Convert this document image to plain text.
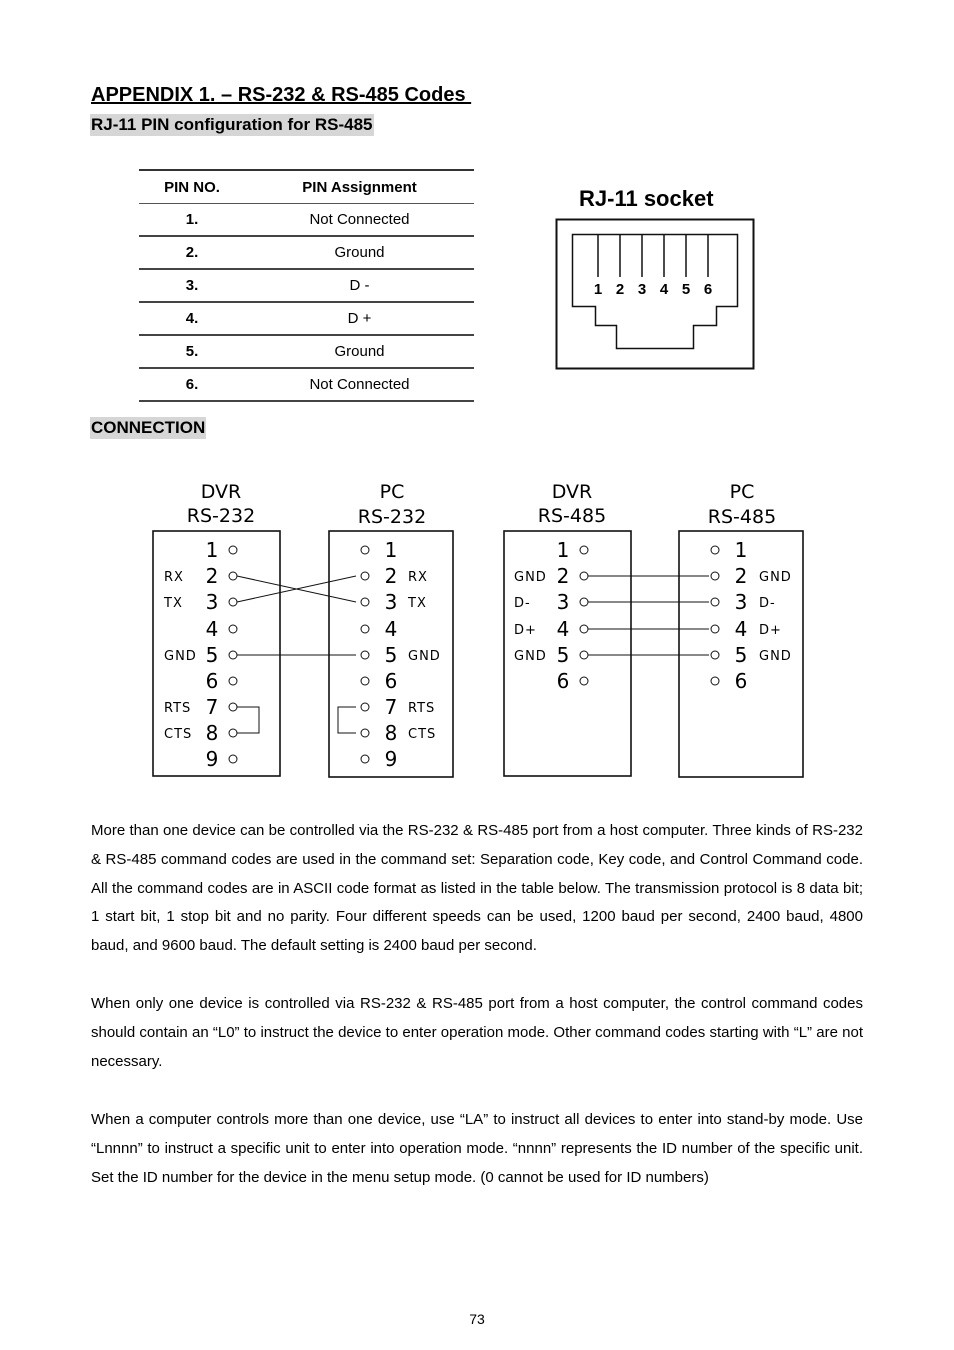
APPENDIX 1. – RS-232 & RS-485 Codes
RJ-11 PIN configuration for RS-485
PIN NO.	PIN Assignment
1.	Not Connected
2.	Ground
3.	D -
4.	D +
5.	Ground
6.	Not Connected
RJ-11 socket
1 2 3 4 5 6
CONNECTION
DVR
RS-232
PC
RS-232
DVR
RS-485
PC
RS-485
1
2
RX
3
TX
4
5
GND
6
7
RTS
8
CTS
9
1
2 RX
3 TX
4
5 GND
6
7 RTS
8 CTS
9
1
2
GND
3
D-
4
D+
5
GND
6
1
2 GND
3 D-
4 D+
5 GND
6
More than one device can be controlled via the RS-232 & RS-485 port from a host computer. Three kinds of RS-232 & RS-485 command codes are used in the command set: Separation code, Key code, and Control Command code. All the command codes are in ASCII code format as listed in the table below. The transmission protocol is 8 data bit; 1 start bit, 1 stop bit and no parity. Four different speeds can be used, 1200 baud per second, 2400 baud, 4800 baud, and 9600 baud. The default setting is 2400 baud per second.
When only one device is controlled via RS-232 & RS-485 port from a host computer, the control command codes should contain an “L0” to instruct the device to enter operation mode. Other command codes starting with “L” are not necessary.
When a computer controls more than one device, use “LA” to instruct all devices to enter into stand-by mode. Use “Lnnnn” to instruct a specific unit to enter into operation mode. “nnnn” represents the ID number of the specific unit. Set the ID number for the device in the menu setup mode. (0 cannot be used for ID numbers)
73
